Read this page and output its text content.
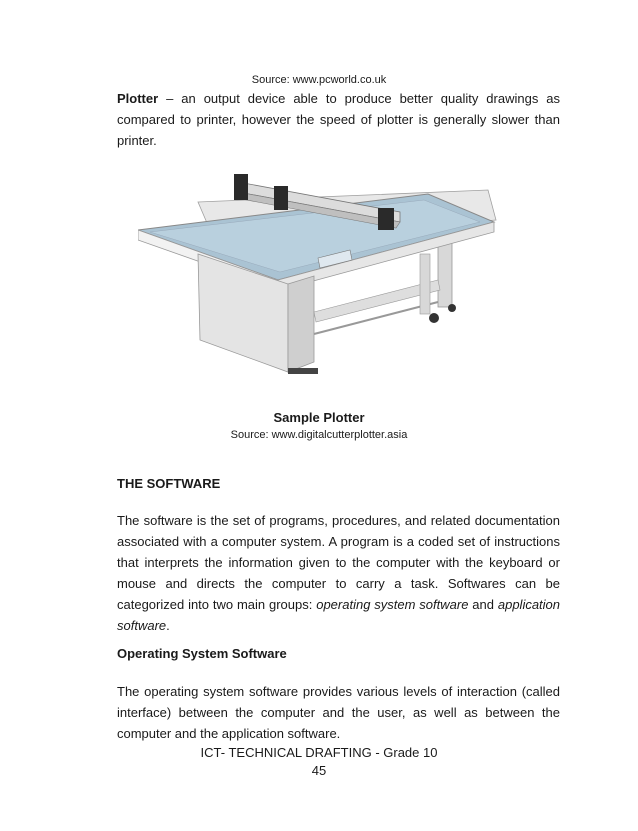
Source: www.pcworld.co.uk
Plotter – an output device able to produce better quality drawings as compared to printer, however the speed of plotter is generally slower than printer.
Sample Plotter
Source: www.digitalcutterplotter.asia
THE SOFTWARE
The software is the set of programs, procedures, and related documentation associated with a computer system. A program is a coded set of instructions that interprets the information given to the computer with the keyboard or mouse and directs the computer to carry a task. Softwares can be categorized into two main groups: operating system software and application software.
Operating System Software
The operating system software provides various levels of interaction (called interface) between the computer and the user, as well as between the computer and the application software.
ICT- TECHNICAL DRAFTING - Grade 10
45
